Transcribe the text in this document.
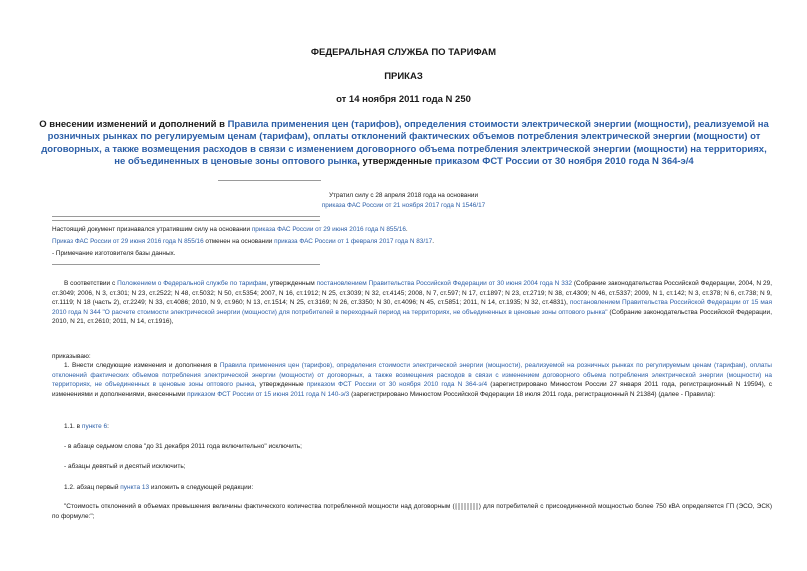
ФЕДЕРАЛЬНАЯ СЛУЖБА ПО ТАРИФАМ
ПРИКАЗ
от 14 ноября 2011 года N 250
О внесении изменений и дополнений в Правила применения цен (тарифов), определения стоимости электрической энергии (мощности), реализуемой на розничных рынках по регулируемым ценам (тарифам), оплаты отклонений фактических объемов потребления электрической энергии (мощности) от договорных, а также возмещения расходов в связи с изменением договорного объема потребления электрической энергии (мощности) на территориях, не объединенных в ценовые зоны оптового рынка, утвержденные приказом ФСТ России от 30 ноября 2010 года N 364-э/4
Утратил силу с 28 апреля 2018 года на основании
приказа ФАС России от 21 ноября 2017 года N 1546/17
Настоящий документ признавался утратившим силу на основании приказа ФАС России от 29 июня 2016 года N 855/16.
Приказ ФАС России от 29 июня 2016 года N 855/16 отменен на основании приказа ФАС России от 1 февраля 2017 года N 83/17.
- Примечание изготовителя базы данных.
В соответствии с Положением о Федеральной службе по тарифам, утвержденным постановлением Правительства Российской Федерации от 30 июня 2004 года N 332 (Собрание законодательства Российской Федерации, 2004, N 29, ст.3049; 2006, N 3, ст.301; N 23, ст.2522; N 48, ст.5032; N 50, ст.5354; 2007, N 16, ст.1912; N 25, ст.3039; N 32, ст.4145; 2008, N 7, ст.597; N 17, ст.1897; N 23, ст.2719; N 38, ст.4309; N 46, ст.5337; 2009, N 1, ст.142; N 3, ст.378; N 6, ст.738; N 9, ст.1119; N 18 (часть 2), ст.2249; N 33, ст.4086; 2010, N 9, ст.960; N 13, ст.1514; N 25, ст.3169; N 26, ст.3350; N 30, ст.4096; N 45, ст.5851; 2011, N 14, ст.1935; N 32, ст.4831), постановлением Правительства Российской Федерации от 15 мая 2010 года N 344 "О расчете стоимости электрической энергии (мощности) для потребителей в переходный период на территориях, не объединенных в ценовые зоны оптового рынка" (Собрание законодательства Российской Федерации, 2010, N 21, ст.2610; 2011, N 14, ст.1916),
приказываю:
1. Внести следующие изменения и дополнения в Правила применения цен (тарифов), определения стоимости электрической энергии (мощности), реализуемой на розничных рынках по регулируемым ценам (тарифам), оплаты отклонений фактических объемов потребления электрической энергии (мощности) от договорных, а также возмещения расходов в связи с изменением договорного объема потребления электрической энергии (мощности) на территориях, не объединенных в ценовые зоны оптового рынка, утвержденные приказом ФСТ России от 30 ноября 2010 года N 364-э/4 (зарегистрировано Минюстом России 27 января 2011 года, регистрационный N 19594), с изменениями и дополнениями, внесенными приказом ФСТ России от 15 июня 2011 года N 140-э/3 (зарегистрировано Минюстом Российской Федерации 18 июля 2011 года, регистрационный N 21384) (далее - Правила):
1.1. в пункте 6:
- в абзаце седьмом слова "до 31 декабря 2011 года включительно" исключить;
- абзацы девятый и десятый исключить;
1.2. абзац первый пункта 13 изложить в следующей редакции:
"Стоимость отклонений в объемах превышения величины фактического количества потребленной мощности над договорным (	) для потребителей с присоединенной мощностью более 750 кВА определяется ГП (ЭСО, ЭСК) по формуле:";
